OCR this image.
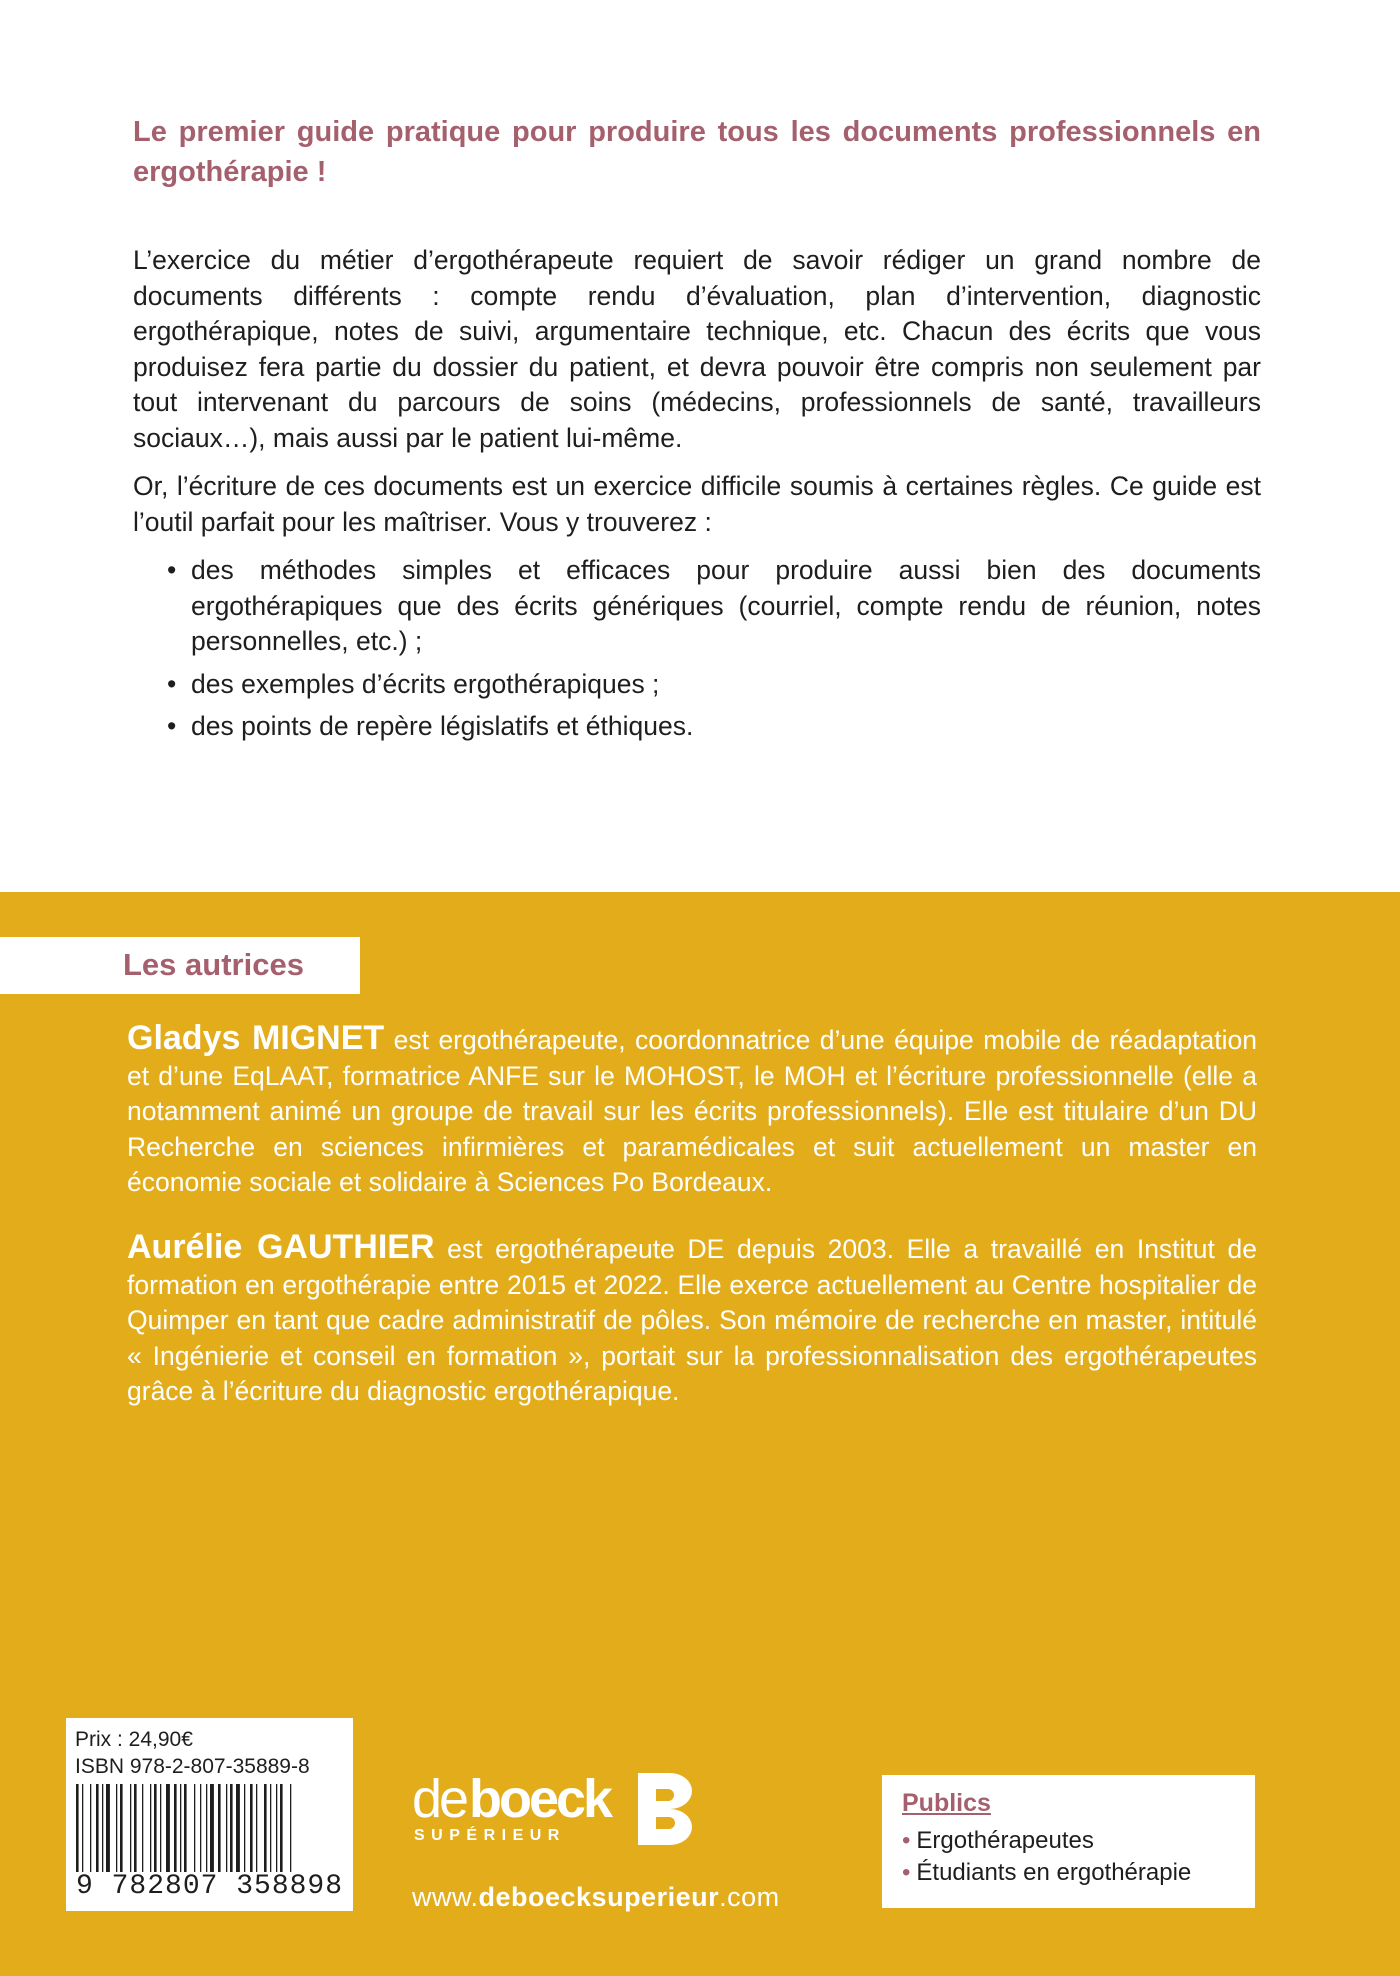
Le premier guide pratique pour produire tous les documents professionnels en ergothérapie !

L’exercice du métier d’ergothérapeute requiert de savoir rédiger un grand nombre de documents différents : compte rendu d’évaluation, plan d’intervention, diagnostic ergothérapique, notes de suivi, argumentaire technique, etc. Chacun des écrits que vous produisez fera partie du dossier du patient, et devra pouvoir être compris non seulement par tout intervenant du parcours de soins (médecins, professionnels de santé, travailleurs sociaux…), mais aussi par le patient lui-même.

Or, l’écriture de ces documents est un exercice difficile soumis à certaines règles. Ce guide est l’outil parfait pour les maîtriser. Vous y trouverez :

• des méthodes simples et efficaces pour produire aussi bien des documents ergothérapiques que des écrits génériques (courriel, compte rendu de réunion, notes personnelles, etc.) ;
• des exemples d’écrits ergothérapiques ;
• des points de repère législatifs et éthiques.
Les autrices

Gladys MIGNET est ergothérapeute, coordonnatrice d’une équipe mobile de réadaptation et d’une EqLAAT, formatrice ANFE sur le MOHOST, le MOH et l’écriture professionnelle (elle a notamment animé un groupe de travail sur les écrits professionnels). Elle est titulaire d’un DU Recherche en sciences infirmières et paramédicales et suit actuellement un master en économie sociale et solidaire à Sciences Po Bordeaux.

Aurélie GAUTHIER est ergothérapeute DE depuis 2003. Elle a travaillé en Institut de formation en ergothérapie entre 2015 et 2022. Elle exerce actuellement au Centre hospitalier de Quimper en tant que cadre administratif de pôles. Son mémoire de recherche en master, intitulé « Ingénierie et conseil en formation », portait sur la professionnalisation des ergothérapeutes grâce à l’écriture du diagnostic ergothérapique.

Prix : 24,90€

ISBN 978-2-807-35889-8

9 782807 358898

de boeck
SUPÉRIEUR

www.deboecksuperieur.com

Publics

• Ergothérapeutes
• Étudiants en ergothérapie
